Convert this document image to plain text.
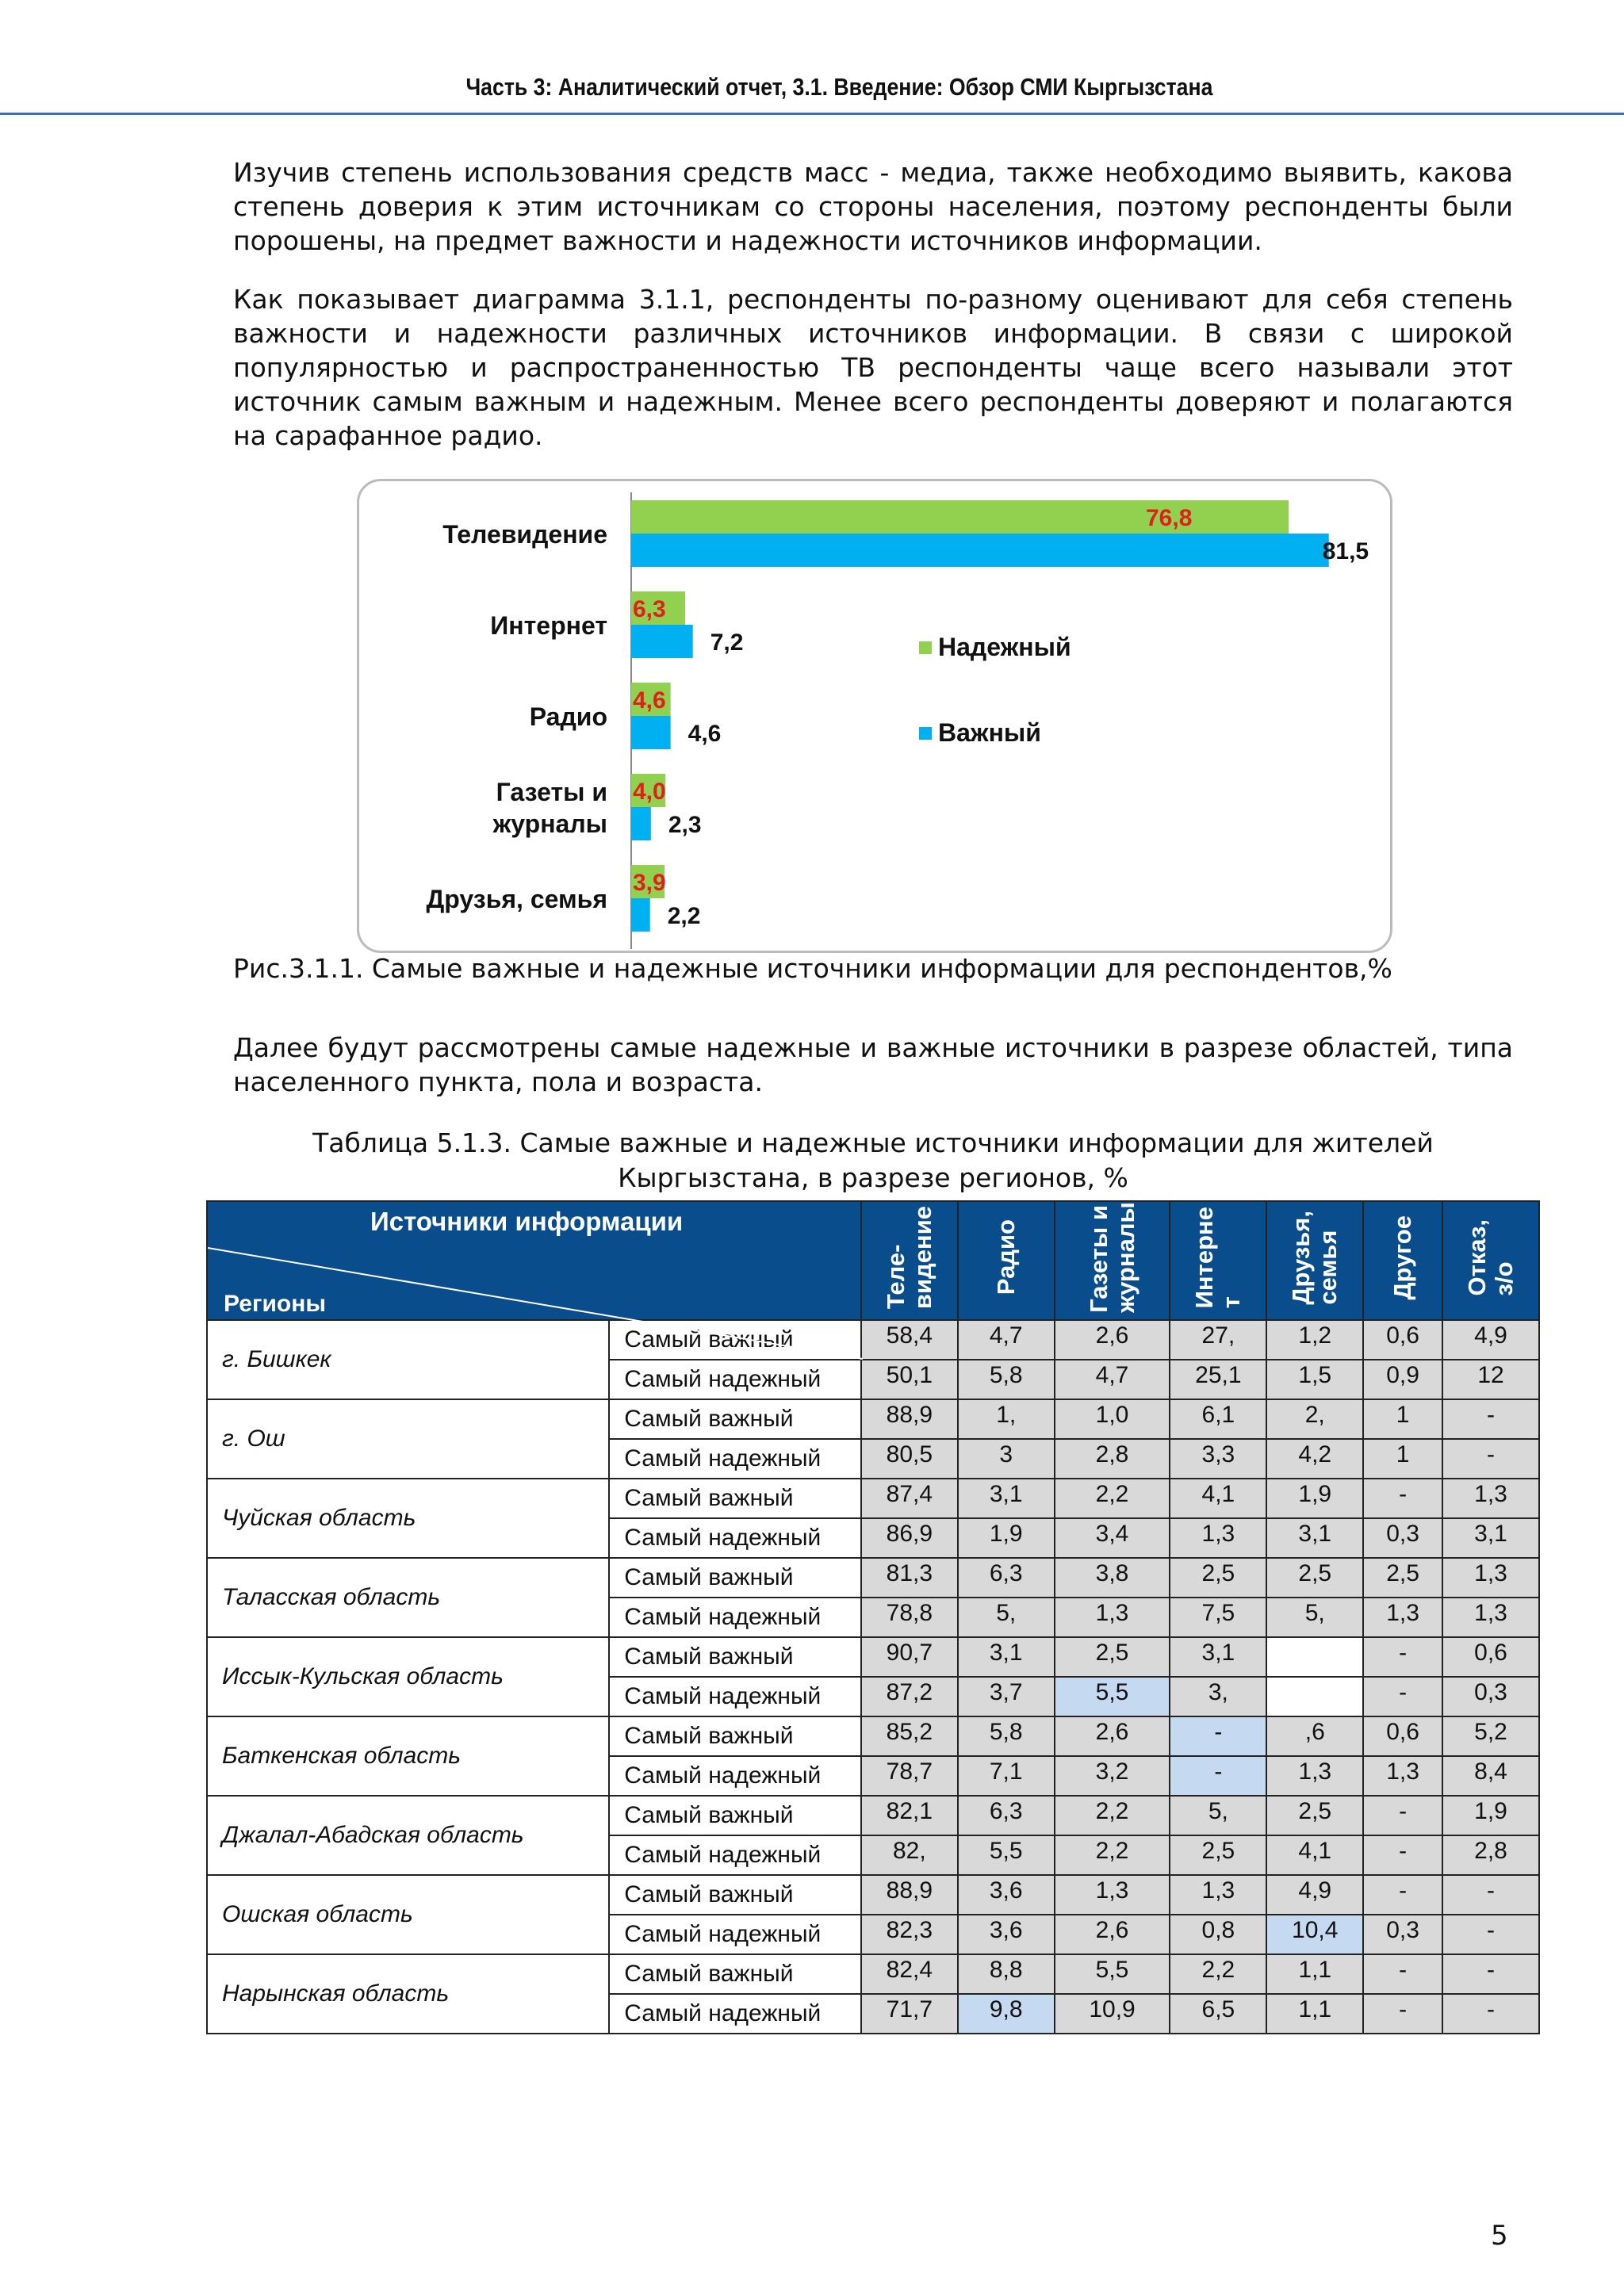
Часть 3: Аналитический отчет, 3.1. Введение: Обзор СМИ Кыргызстана

Изучив степень использования средств масс - медиа, также необходимо выявить, какова степень доверия к этим источникам со стороны населения, поэтому респонденты были порошены, на предмет важности и надежности источников информации.

Как показывает диаграмма 3.1.1, респонденты по-разному оценивают для себя степень важности и надежности различных источников информации. В связи с широкой популярностью и распространенностью ТВ респонденты чаще всего называли этот источник самым важным и надежным. Менее всего респонденты доверяют и полагаются на сарафанное радио.

Телевидение
76,8
81,5
Интернет
6,3
7,2
Радио
4,6
4,6
Газеты и журналы
4,0
2,3
Друзья, семья
3,9
2,2
Надежный
Важный
Рис.3.1.1. Самые важные и надежные источники информации для респондентов,%

Далее будут рассмотрены самые надежные и важные источники в разрезе областей, типа населенного пункта, пола и возраста.

Таблица 5.1.3. Самые важные и надежные источники информации для жителей
Кыргызстана, в разрезе регионов, %
Источники информации
Регионы		Теле-
видение	Радио	Газеты и
журналы	Интерне
т	Друзья,
семья	Другое	Отказ,
з/о
г. Бишкек	Самый важный	58,4	4,7	2,6	27,	1,2	0,6	4,9
	Самый надежный	50,1	5,8	4,7	25,1	1,5	0,9	12
г. Ош	Самый важный	88,9	1,	1,0	6,1	2,	1	-
	Самый надежный	80,5	3	2,8	3,3	4,2	1	-
Чуйская область	Самый важный	87,4	3,1	2,2	4,1	1,9	-	1,3
	Самый надежный	86,9	1,9	3,4	1,3	3,1	0,3	3,1
Таласская область	Самый важный	81,3	6,3	3,8	2,5	2,5	2,5	1,3
	Самый надежный	78,8	5,	1,3	7,5	5,	1,3	1,3
Иссык-Кульская область	Самый важный	90,7	3,1	2,5	3,1		-	0,6
	Самый надежный	87,2	3,7	5,5	3,		-	0,3
Баткенская область	Самый важный	85,2	5,8	2,6	-	,6	0,6	5,2
	Самый надежный	78,7	7,1	3,2	-	1,3	1,3	8,4
Джалал-Абадская область	Самый важный	82,1	6,3	2,2	5,	2,5	-	1,9
	Самый надежный	82,	5,5	2,2	2,5	4,1	-	2,8
Ошская область	Самый важный	88,9	3,6	1,3	1,3	4,9	-	-
	Самый надежный	82,3	3,6	2,6	0,8	10,4	0,3	-
Нарынская область	Самый важный	82,4	8,8	5,5	2,2	1,1	-	-
	Самый надежный	71,7	9,8	10,9	6,5	1,1	-	-
5
